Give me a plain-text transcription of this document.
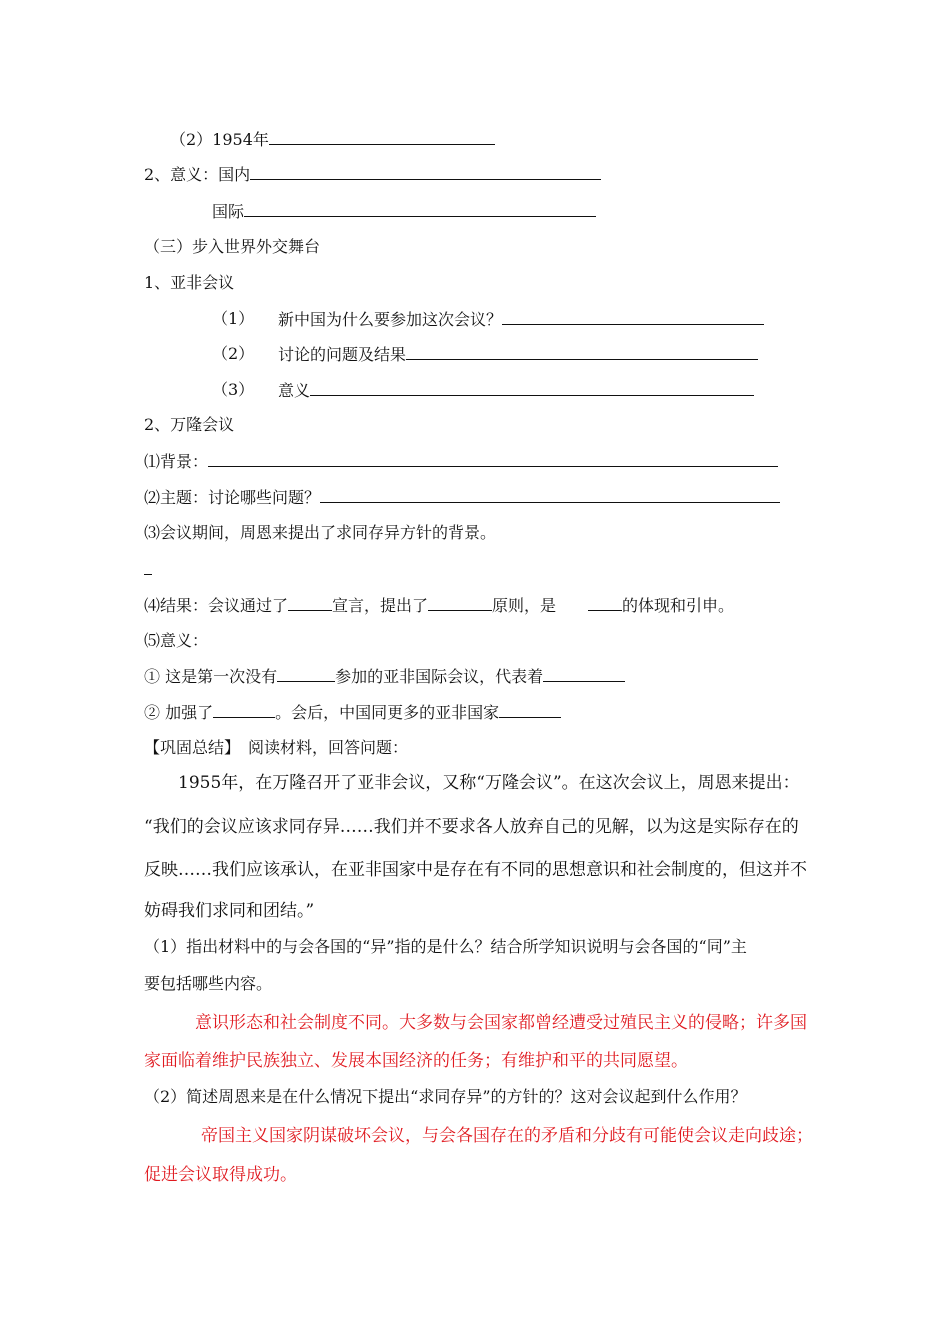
（2）1954年
2、意义：国内
国际
（三）步入世界外交舞台
1、亚非会议
（1） 新中国为什么要参加这次会议？
（2） 讨论的问题及结果
（3） 意义
2、万隆会议
⑴背景：
⑵主题：讨论哪些问题？
⑶会议期间，周恩来提出了求同存异方针的背景。
⑷结果：会议通过了	宣言，提出了	原则，是	的体现和引申。
⑸意义：
① 这是第一次没有	参加的亚非国际会议，代表着
② 加强了	。会后，中国同更多的亚非国家
【巩固总结】　阅读材料，回答问题：
1955年，在万隆召开了亚非会议，又称“万隆会议”。在这次会议上，周恩来提出：
“我们的会议应该求同存异……我们并不要求各人放弃自己的见解，以为这是实际存在的
反映……我们应该承认，在亚非国家中是存在有不同的思想意识和社会制度的，但这并不
妨碍我们求同和团结。”
（1）指出材料中的与会各国的“异”指的是什么？结合所学知识说明与会各国的“同”主
要包括哪些内容。
意识形态和社会制度不同。大多数与会国家都曾经遭受过殖民主义的侵略；许多国
家面临着维护民族独立、发展本国经济的任务；有维护和平的共同愿望。
（2）简述周恩来是在什么情况下提出“求同存异”的方针的？这对会议起到什么作用？
帝国主义国家阴谋破坏会议，与会各国存在的矛盾和分歧有可能使会议走向歧途；
促进会议取得成功。
